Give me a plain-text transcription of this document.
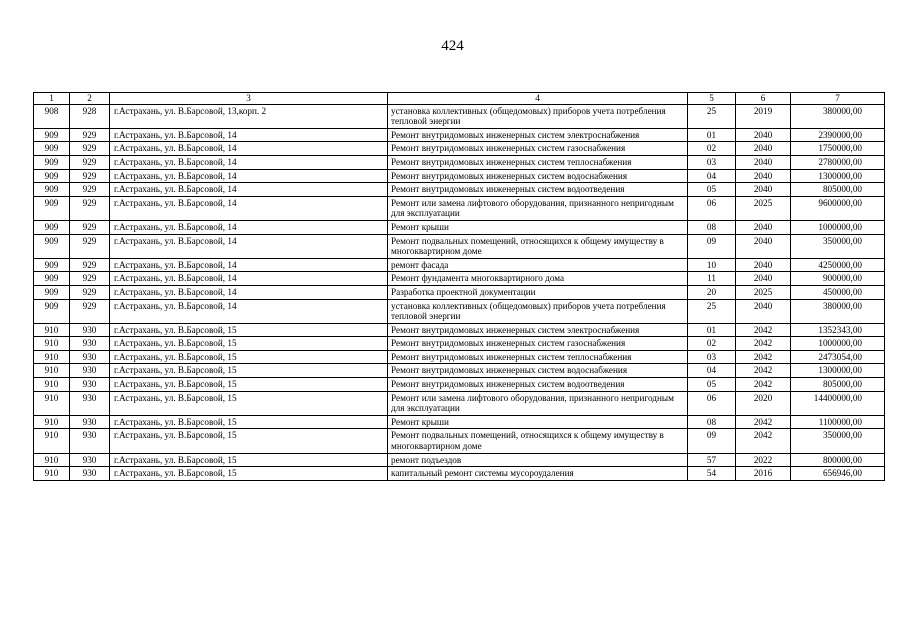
424
1	2	3	4	5	6	7
908	928	г.Астрахань, ул. В.Барсовой, 13,корп. 2	установка коллективных (общедомовых) приборов учета потребления тепловой энергии	25	2019	380000,00
909	929	г.Астрахань, ул. В.Барсовой, 14	Ремонт внутридомовых инженерных систем электроснабжения	01	2040	2390000,00
909	929	г.Астрахань, ул. В.Барсовой, 14	Ремонт внутридомовых инженерных систем газоснабжения	02	2040	1750000,00
909	929	г.Астрахань, ул. В.Барсовой, 14	Ремонт внутридомовых инженерных систем теплоснабжения	03	2040	2780000,00
909	929	г.Астрахань, ул. В.Барсовой, 14	Ремонт внутридомовых инженерных систем водоснабжения	04	2040	1300000,00
909	929	г.Астрахань, ул. В.Барсовой, 14	Ремонт внутридомовых инженерных систем водоотведения	05	2040	805000,00
909	929	г.Астрахань, ул. В.Барсовой, 14	Ремонт или замена лифтового оборудования, признанного непригодным для эксплуатации	06	2025	9600000,00
909	929	г.Астрахань, ул. В.Барсовой, 14	Ремонт крыши	08	2040	1000000,00
909	929	г.Астрахань, ул. В.Барсовой, 14	Ремонт подвальных помещений, относящихся к общему имуществу в многоквартирном доме	09	2040	350000,00
909	929	г.Астрахань, ул. В.Барсовой, 14	ремонт фасада	10	2040	4250000,00
909	929	г.Астрахань, ул. В.Барсовой, 14	Ремонт фундамента многоквартирного дома	11	2040	900000,00
909	929	г.Астрахань, ул. В.Барсовой, 14	Разработка проектной документации	20	2025	450000,00
909	929	г.Астрахань, ул. В.Барсовой, 14	установка коллективных (общедомовых) приборов учета потребления тепловой энергии	25	2040	380000,00
910	930	г.Астрахань, ул. В.Барсовой, 15	Ремонт внутридомовых инженерных систем электроснабжения	01	2042	1352343,00
910	930	г.Астрахань, ул. В.Барсовой, 15	Ремонт внутридомовых инженерных систем газоснабжения	02	2042	1000000,00
910	930	г.Астрахань, ул. В.Барсовой, 15	Ремонт внутридомовых инженерных систем теплоснабжения	03	2042	2473054,00
910	930	г.Астрахань, ул. В.Барсовой, 15	Ремонт внутридомовых инженерных систем водоснабжения	04	2042	1300000,00
910	930	г.Астрахань, ул. В.Барсовой, 15	Ремонт внутридомовых инженерных систем водоотведения	05	2042	805000,00
910	930	г.Астрахань, ул. В.Барсовой, 15	Ремонт или замена лифтового оборудования, признанного непригодным для эксплуатации	06	2020	14400000,00
910	930	г.Астрахань, ул. В.Барсовой, 15	Ремонт крыши	08	2042	1100000,00
910	930	г.Астрахань, ул. В.Барсовой, 15	Ремонт подвальных помещений, относящихся к общему имуществу в многоквартирном доме	09	2042	350000,00
910	930	г.Астрахань, ул. В.Барсовой, 15	ремонт подъездов	57	2022	800000,00
910	930	г.Астрахань, ул. В.Барсовой, 15	капитальный ремонт системы мусороудаления	54	2016	656946,00
